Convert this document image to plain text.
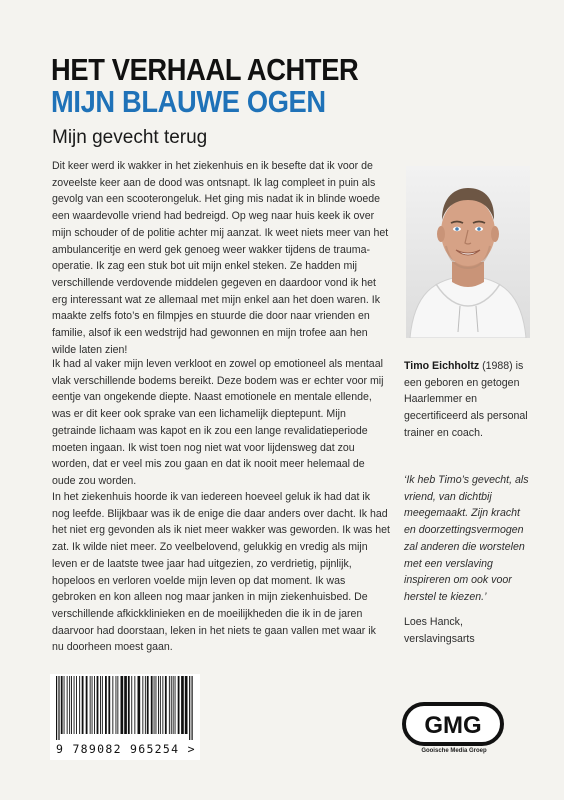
HET VERHAAL ACHTER
MIJN BLAUWE OGEN
Mijn gevecht terug

Dit keer werd ik wakker in het ziekenhuis en ik besefte dat ik voor de zoveelste keer aan de dood was ontsnapt. Ik lag compleet in puin als gevolg van een scooterongeluk. Het ging mis nadat ik in blinde woede een waardevolle vriend had bedreigd. Op weg naar huis keek ik over mijn schouder of de politie achter mij aanzat. Ik weet niets meer van het ambulanceritje en werd gek genoeg weer wakker tijdens de trauma-operatie. Ik zag een stuk bot uit mijn enkel steken. Ze hadden mij verschillende verdovende middelen gegeven en daardoor vond ik het erg interessant wat ze allemaal met mijn enkel aan het doen waren. Ik maakte zelfs foto’s en filmpjes en stuurde die door naar vrienden en familie, alsof ik een wedstrijd had gewonnen en mijn trofee aan hen wilde laten zien!

Ik had al vaker mijn leven verkloot en zowel op emotioneel als mentaal vlak verschillende bodems bereikt. Deze bodem was er echter voor mij eentje van ongekende diepte. Naast emotionele en mentale ellende, was er dit keer ook sprake van een lichamelijk dieptepunt. Mijn getrainde lichaam was kapot en ik zou een lange revalidatieperiode moeten ingaan. Ik wist toen nog niet wat voor lijdensweg dat zou worden, dat er veel mis zou gaan en dat ik nooit meer helemaal de oude zou worden.

In het ziekenhuis hoorde ik van iedereen hoeveel geluk ik had dat ik nog leefde. Blijkbaar was ik de enige die daar anders over dacht. Ik had het niet erg gevonden als ik niet meer wakker was geworden. Ik was het zat. Ik wilde niet meer. Zo veelbelovend, gelukkig en vredig als mijn leven er de laatste twee jaar had uitgezien, zo verdrietig, pijnlijk, hopeloos en verloren voelde mijn leven op dat moment. Ik was gebroken en kon alleen nog maar janken in mijn ziekenhuisbed. De verschillende afkickklinieken en de moeilijkheden die ik in de jaren daarvoor had doorstaan, leken in het niets te gaan vallen met waar ik nu doorheen moest gaan.

Timo Eichholtz (1988) is een geboren en getogen Haarlemmer en gecertificeerd als personal trainer en coach.

‘Ik heb Timo’s gevecht, als vriend, van dichtbij meegemaakt. Zijn kracht en doorzettingsvermogen zal anderen die worstelen met een verslaving inspireren om ook voor herstel te kiezen.’

Loes Hanck,
verslavingsarts
9 789082 965254 >
GMG
Gooische Media Groep
